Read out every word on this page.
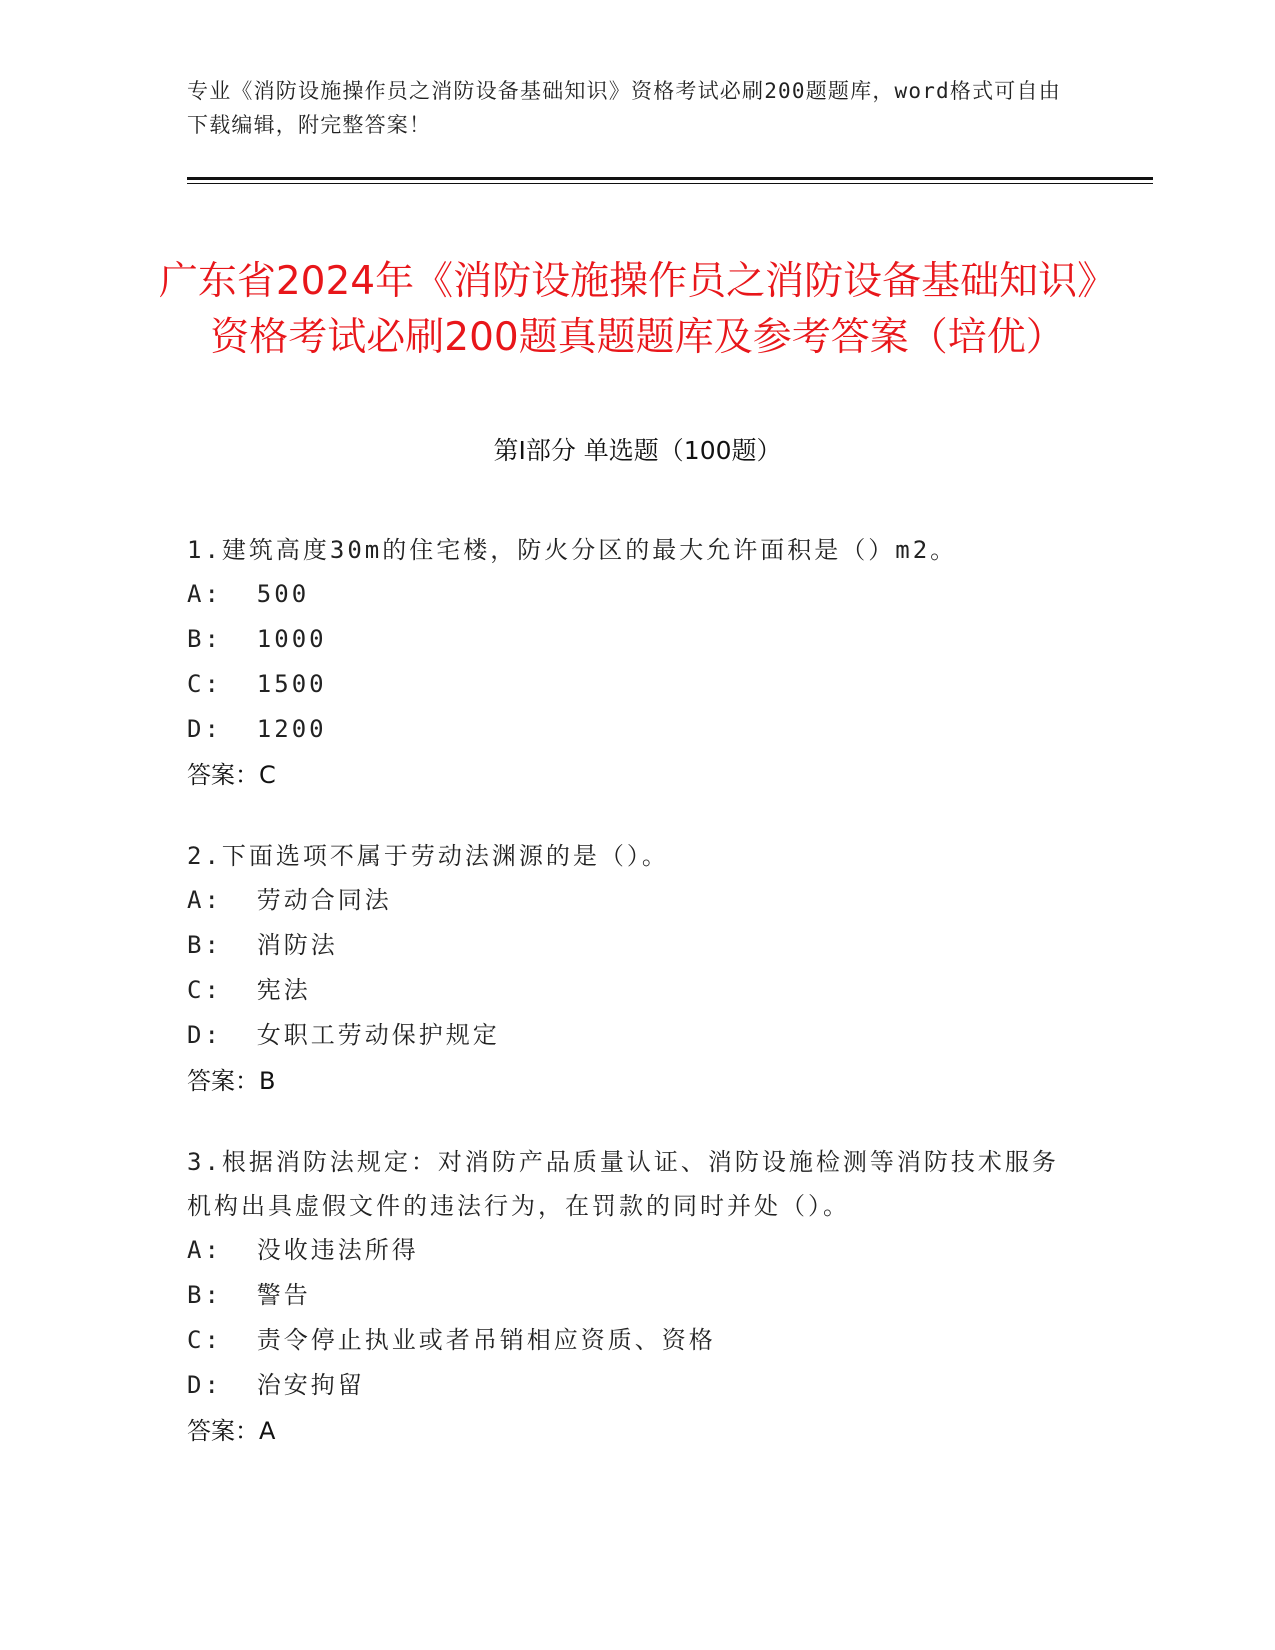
专业《消防设施操作员之消防设备基础知识》资格考试必刷200题题库，word格式可自由下载编辑，附完整答案！
广东省2024年《消防设施操作员之消防设备基础知识》资格考试必刷200题真题题库及参考答案（培优）
第Ⅰ部分 单选题（100题）
1.建筑高度30m的住宅楼，防火分区的最大允许面积是（）m2。
A:  500
B:  1000
C:  1500
D:  1200
答案：C
2.下面选项不属于劳动法渊源的是（）。
A:  劳动合同法
B:  消防法
C:  宪法
D:  女职工劳动保护规定
答案：B
3.根据消防法规定：对消防产品质量认证、消防设施检测等消防技术服务机构出具虚假文件的违法行为，在罚款的同时并处（）。
A:  没收违法所得
B:  警告
C:  责令停止执业或者吊销相应资质、资格
D:  治安拘留
答案：A
